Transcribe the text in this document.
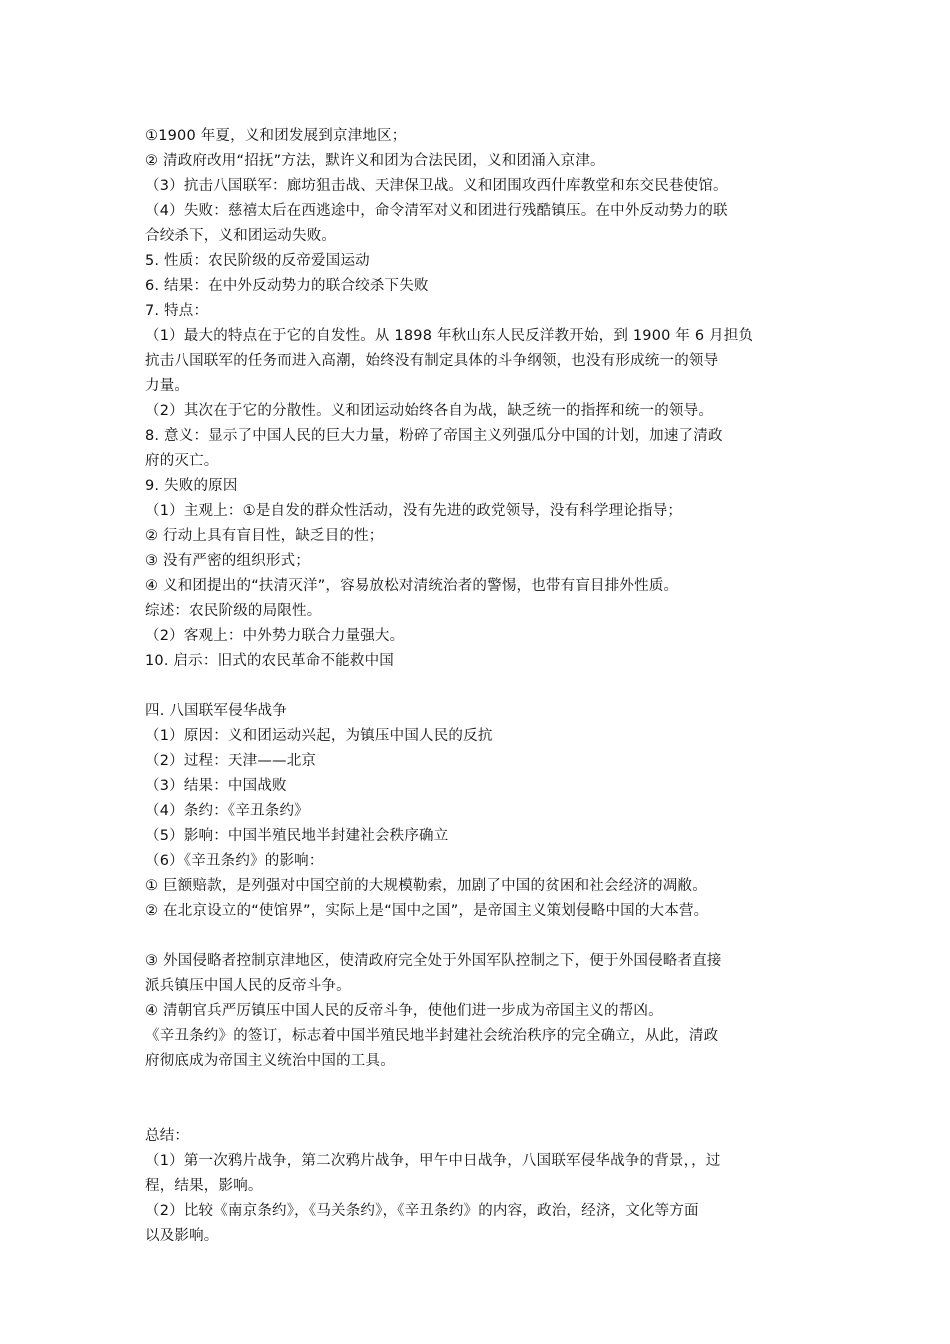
①1900 年夏，义和团发展到京津地区；
② 清政府改用“招抚”方法，默许义和团为合法民团，义和团涌入京津。
（3）抗击八国联军：廊坊狙击战、天津保卫战。义和团围攻西什库教堂和东交民巷使馆。
（4）失败：慈禧太后在西逃途中，命令清军对义和团进行残酷镇压。在中外反动势力的联
合绞杀下，义和团运动失败。
5. 性质：农民阶级的反帝爱国运动
6. 结果：在中外反动势力的联合绞杀下失败
7. 特点：
（1）最大的特点在于它的自发性。从 1898 年秋山东人民反洋教开始，到 1900 年 6 月担负
抗击八国联军的任务而进入高潮，始终没有制定具体的斗争纲领，也没有形成统一的领导
力量。
（2）其次在于它的分散性。义和团运动始终各自为战，缺乏统一的指挥和统一的领导。
8. 意义：显示了中国人民的巨大力量，粉碎了帝国主义列强瓜分中国的计划，加速了清政
府的灭亡。
9. 失败的原因
（1）主观上：①是自发的群众性活动，没有先进的政党领导，没有科学理论指导；
② 行动上具有盲目性，缺乏目的性；
③ 没有严密的组织形式；
④ 义和团提出的“扶清灭洋”，容易放松对清统治者的警惕，也带有盲目排外性质。
综述：农民阶级的局限性。
（2）客观上：中外势力联合力量强大。
10. 启示：旧式的农民革命不能救中国
四. 八国联军侵华战争
（1）原因：义和团运动兴起，为镇压中国人民的反抗
（2）过程：天津——北京
（3）结果：中国战败
（4）条约：《辛丑条约》
（5）影响：中国半殖民地半封建社会秩序确立
（6）《辛丑条约》的影响：
① 巨额赔款，是列强对中国空前的大规模勒索，加剧了中国的贫困和社会经济的凋敝。
② 在北京设立的“使馆界”，实际上是“国中之国”，是帝国主义策划侵略中国的大本营。
③ 外国侵略者控制京津地区，使清政府完全处于外国军队控制之下，便于外国侵略者直接
派兵镇压中国人民的反帝斗争。
④ 清朝官兵严厉镇压中国人民的反帝斗争，使他们进一步成为帝国主义的帮凶。
《辛丑条约》的签订，标志着中国半殖民地半封建社会统治秩序的完全确立，从此，清政
府彻底成为帝国主义统治中国的工具。
总结：
（1）第一次鸦片战争，第二次鸦片战争，甲午中日战争，八国联军侵华战争的背景，，过
程，结果，影响。
（2）比较《南京条约》，《马关条约》，《辛丑条约》的内容，政治，经济，文化等方面
以及影响。
